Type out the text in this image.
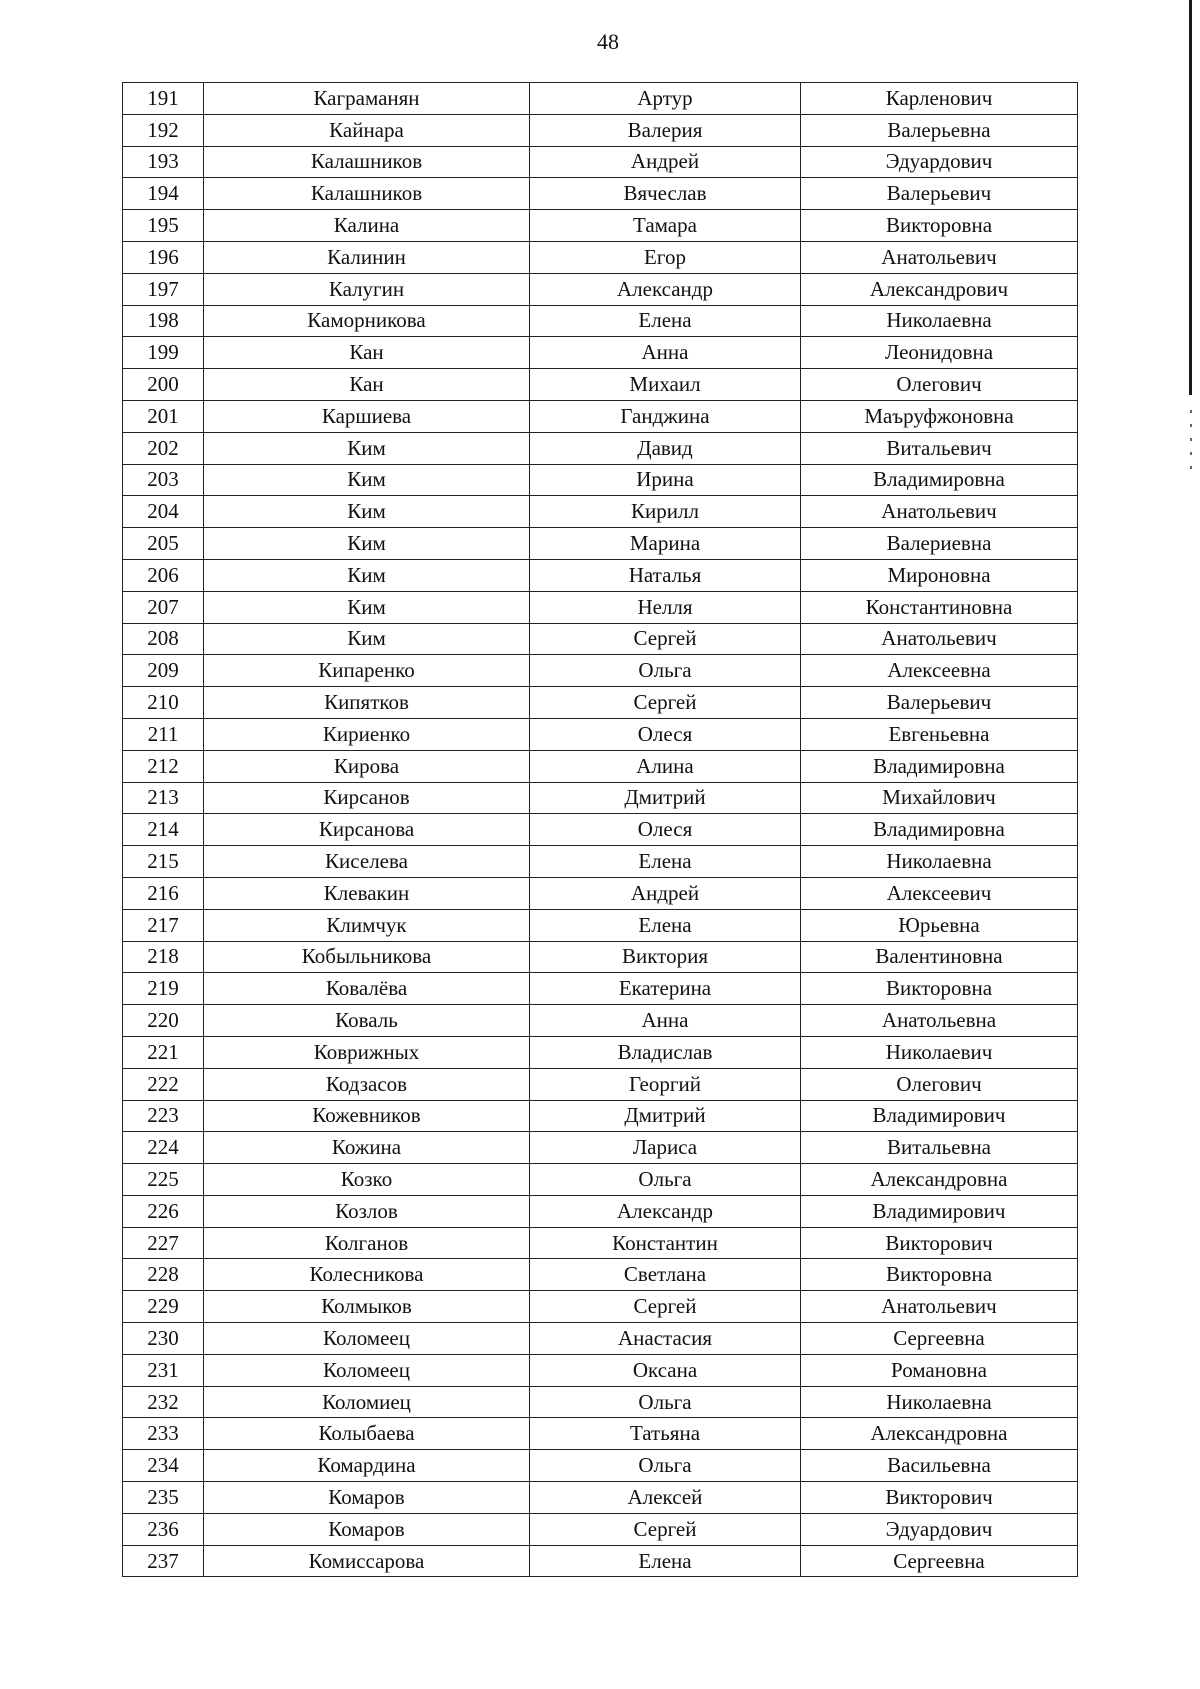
48
191	Каграманян	Артур	Карленович
192	Кайнара	Валерия	Валерьевна
193	Калашников	Андрей	Эдуардович
194	Калашников	Вячеслав	Валерьевич
195	Калина	Тамара	Викторовна
196	Калинин	Егор	Анатольевич
197	Калугин	Александр	Александрович
198	Каморникова	Елена	Николаевна
199	Кан	Анна	Леонидовна
200	Кан	Михаил	Олегович
201	Каршиева	Ганджина	Маъруфжоновна
202	Ким	Давид	Витальевич
203	Ким	Ирина	Владимировна
204	Ким	Кирилл	Анатольевич
205	Ким	Марина	Валериевна
206	Ким	Наталья	Мироновна
207	Ким	Нелля	Константиновна
208	Ким	Сергей	Анатольевич
209	Кипаренко	Ольга	Алексеевна
210	Кипятков	Сергей	Валерьевич
211	Кириенко	Олеся	Евгеньевна
212	Кирова	Алина	Владимировна
213	Кирсанов	Дмитрий	Михайлович
214	Кирсанова	Олеся	Владимировна
215	Киселева	Елена	Николаевна
216	Клевакин	Андрей	Алексеевич
217	Климчук	Елена	Юрьевна
218	Кобыльникова	Виктория	Валентиновна
219	Ковалёва	Екатерина	Викторовна
220	Коваль	Анна	Анатольевна
221	Коврижных	Владислав	Николаевич
222	Кодзасов	Георгий	Олегович
223	Кожевников	Дмитрий	Владимирович
224	Кожина	Лариса	Витальевна
225	Козко	Ольга	Александровна
226	Козлов	Александр	Владимирович
227	Колганов	Константин	Викторович
228	Колесникова	Светлана	Викторовна
229	Колмыков	Сергей	Анатольевич
230	Коломеец	Анастасия	Сергеевна
231	Коломеец	Оксана	Романовна
232	Коломиец	Ольга	Николаевна
233	Колыбаева	Татьяна	Александровна
234	Комардина	Ольга	Васильевна
235	Комаров	Алексей	Викторович
236	Комаров	Сергей	Эдуардович
237	Комиссарова	Елена	Сергеевна
